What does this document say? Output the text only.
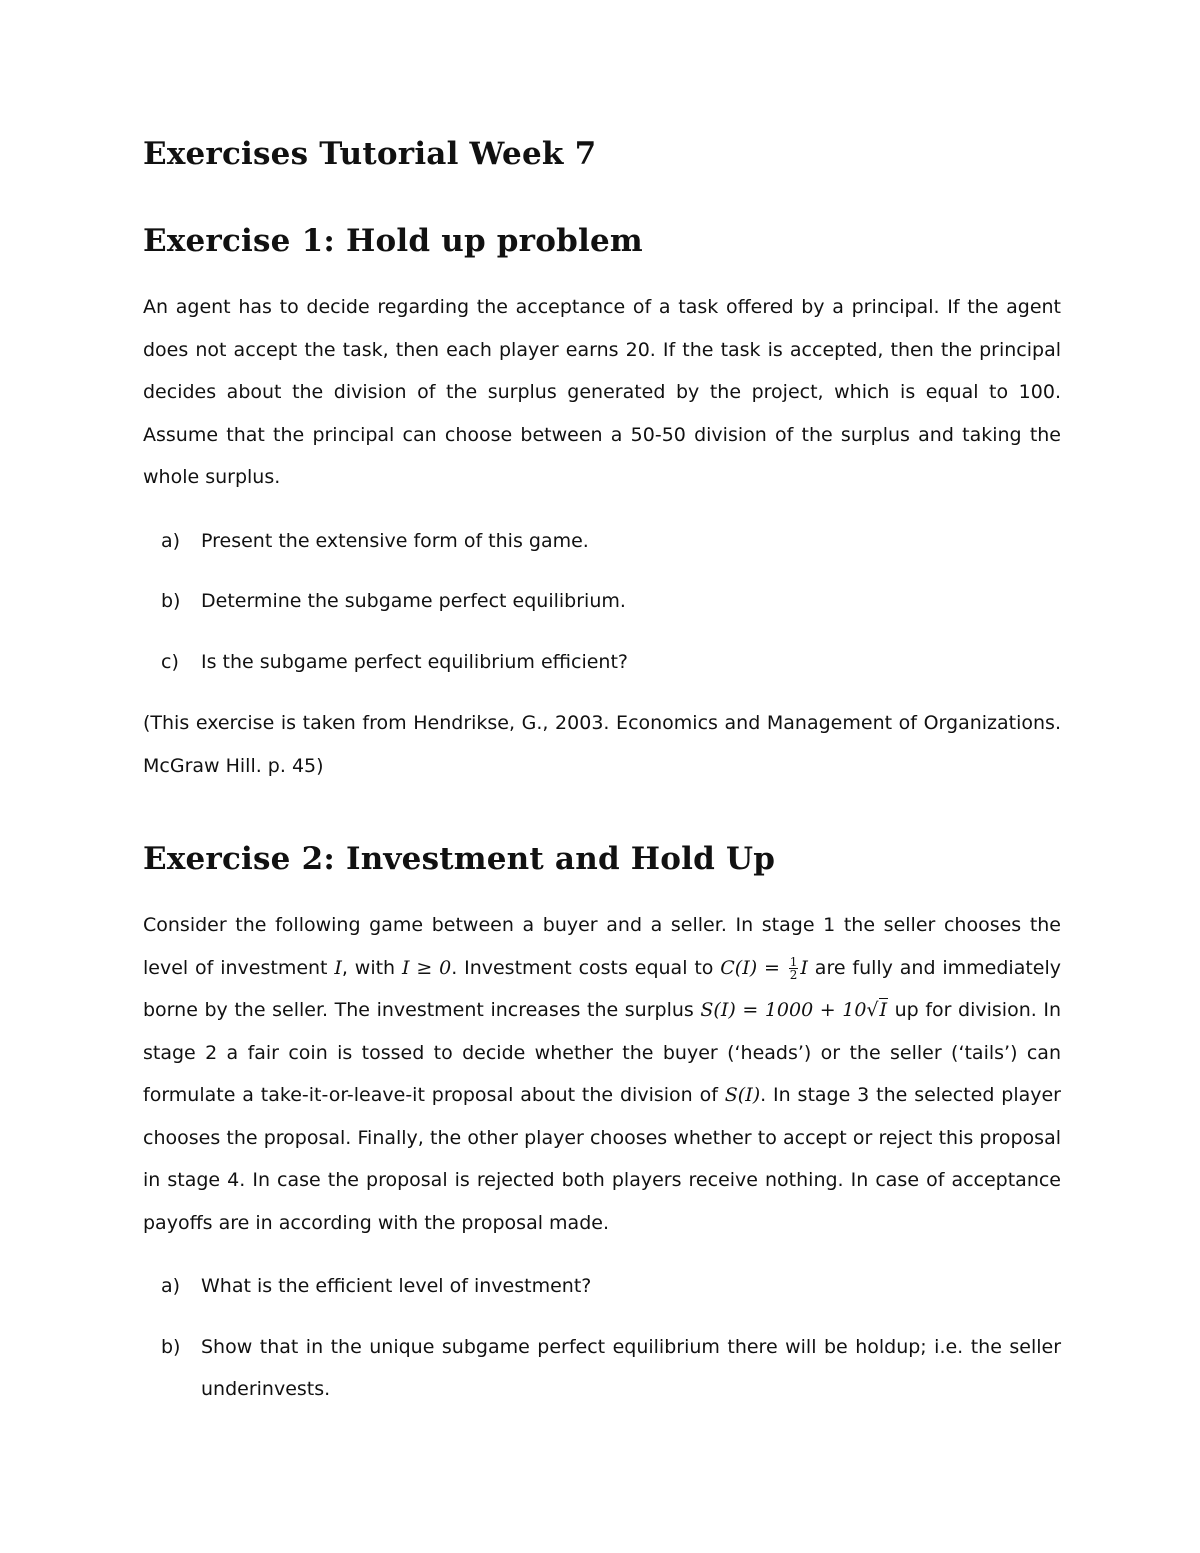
Exercises Tutorial Week 7
Exercise 1: Hold up problem

An agent has to decide regarding the acceptance of a task offered by a principal. If the agent does not accept the task, then each player earns 20. If the task is accepted, then the principal decides about the division of the surplus generated by the project, which is equal to 100. Assume that the principal can choose between a 50-50 division of the surplus and taking the whole surplus.

a)	Present the extensive form of this game.
b)	Determine the subgame perfect equilibrium.
c)	Is the subgame perfect equilibrium efficient?

(This exercise is taken from Hendrikse, G., 2003. Economics and Management of Organizations. McGraw Hill. p. 45)

Exercise 2: Investment and Hold Up

Consider the following game between a buyer and a seller. In stage 1 the seller chooses the level of investment I, with I ≥ 0. Investment costs equal to $C(I) = \frac{1}{2}$ I are fully and immediately borne by the seller. The investment increases the surplus S(I) = 1000 + 10√I up for division. In stage 2 a fair coin is tossed to decide whether the buyer (‘heads’) or the seller (‘tails’) can formulate a take-it-or-leave-it proposal about the division of S(I). In stage 3 the selected player chooses the proposal. Finally, the other player chooses whether to accept or reject this proposal in stage 4. In case the proposal is rejected both players receive nothing. In case of acceptance payoffs are in according with the proposal made.

a)	What is the efficient level of investment?
b)	Show that in the unique subgame perfect equilibrium there will be holdup; i.e. the seller underinvests.
